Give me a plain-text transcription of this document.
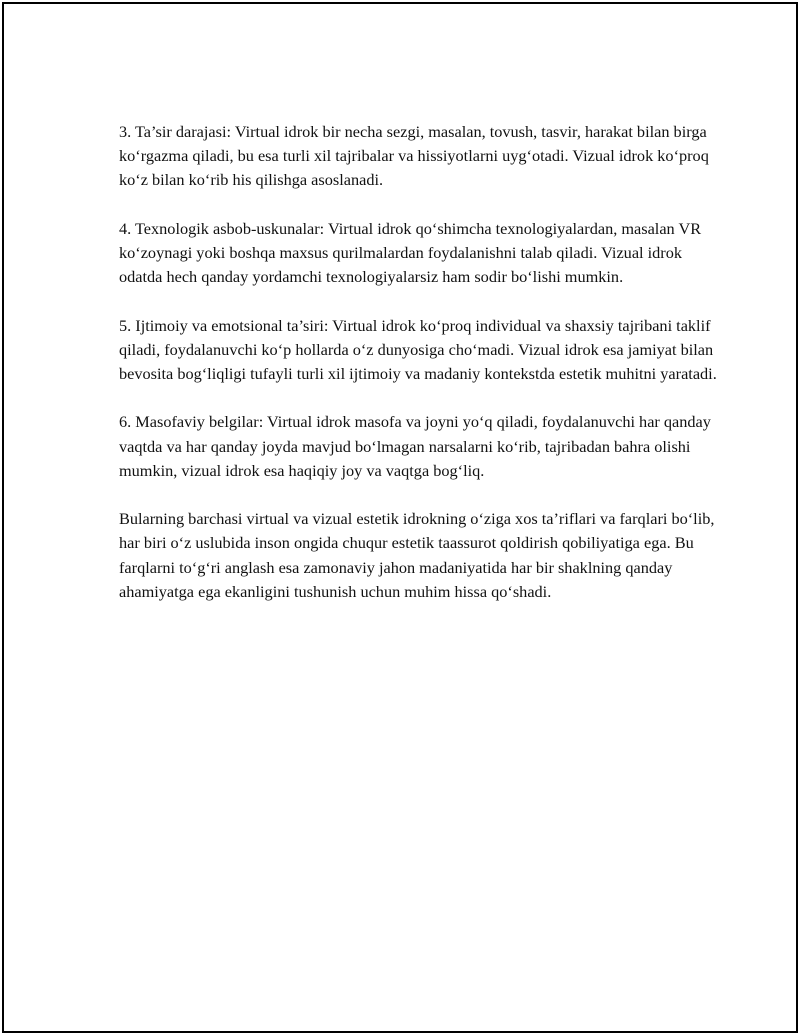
3. Ta’sir darajasi: Virtual idrok bir necha sezgi, masalan, tovush, tasvir, harakat bilan birga ko‘rgazma qiladi, bu esa turli xil tajribalar va hissiyotlarni uyg‘otadi. Vizual idrok ko‘proq ko‘z bilan ko‘rib his qilishga asoslanadi.

4. Texnologik asbob-uskunalar: Virtual idrok qo‘shimcha texnologiyalardan, masalan VR ko‘zoynagi yoki boshqa maxsus qurilmalardan foydalanishni talab qiladi. Vizual idrok odatda hech qanday yordamchi texnologiyalarsiz ham sodir bo‘lishi mumkin.

5. Ijtimoiy va emotsional ta’siri: Virtual idrok ko‘proq individual va shaxsiy tajribani taklif qiladi, foydalanuvchi ko‘p hollarda o‘z dunyosiga cho‘madi. Vizual idrok esa jamiyat bilan bevosita bog‘liqligi tufayli turli xil ijtimoiy va madaniy kontekstda estetik muhitni yaratadi.

6. Masofaviy belgilar: Virtual idrok masofa va joyni yo‘q qiladi, foydalanuvchi har qanday vaqtda va har qanday joyda mavjud bo‘lmagan narsalarni ko‘rib, tajribadan bahra olishi mumkin, vizual idrok esa haqiqiy joy va vaqtga bog‘liq.

Bularning barchasi virtual va vizual estetik idrokning o‘ziga xos ta’riflari va farqlari bo‘lib, har biri o‘z uslubida inson ongida chuqur estetik taassurot qoldirish qobiliyatiga ega. Bu farqlarni to‘g‘ri anglash esa zamonaviy jahon madaniyatida har bir shaklning qanday ahamiyatga ega ekanligini tushunish uchun muhim hissa qo‘shadi.
